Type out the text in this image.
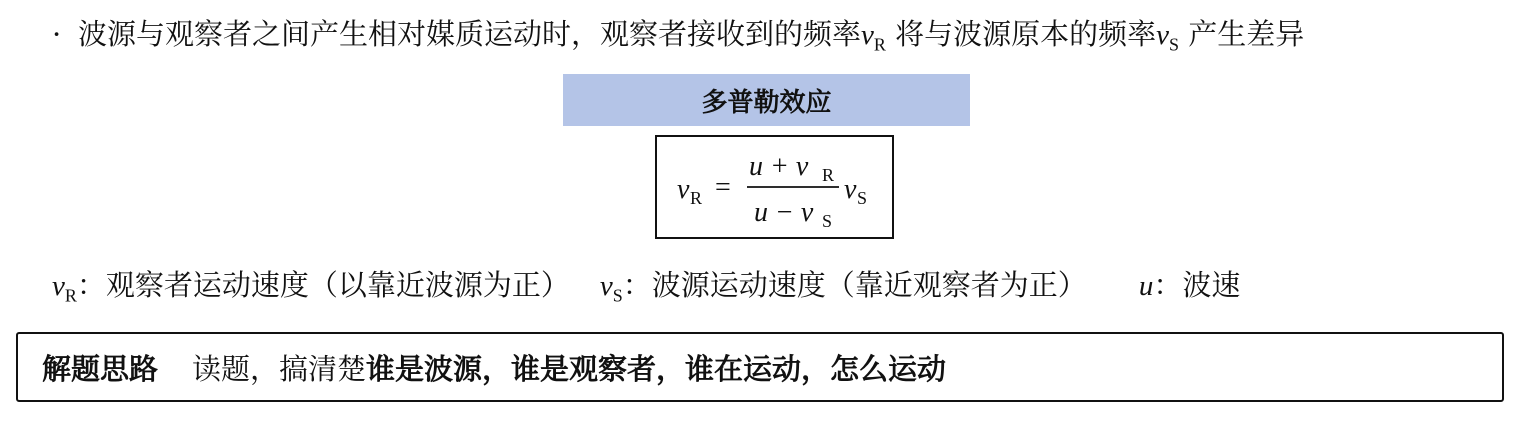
· 波源与观察者之间产生相对媒质运动时，观察者接收到的频率$\nu_R$ 将与波源原本的频率$\nu_S$ 产生差异
多普勒效应
ν R =
u + v R
u − v S
ν S
$v_R$：观察者运动速度（以靠近波源为正） $v_S$：波源运动速度（靠近观察者为正） u：波速
解题思路 读题，搞清楚 谁是波源，谁是观察者，谁在运动，怎么运动
